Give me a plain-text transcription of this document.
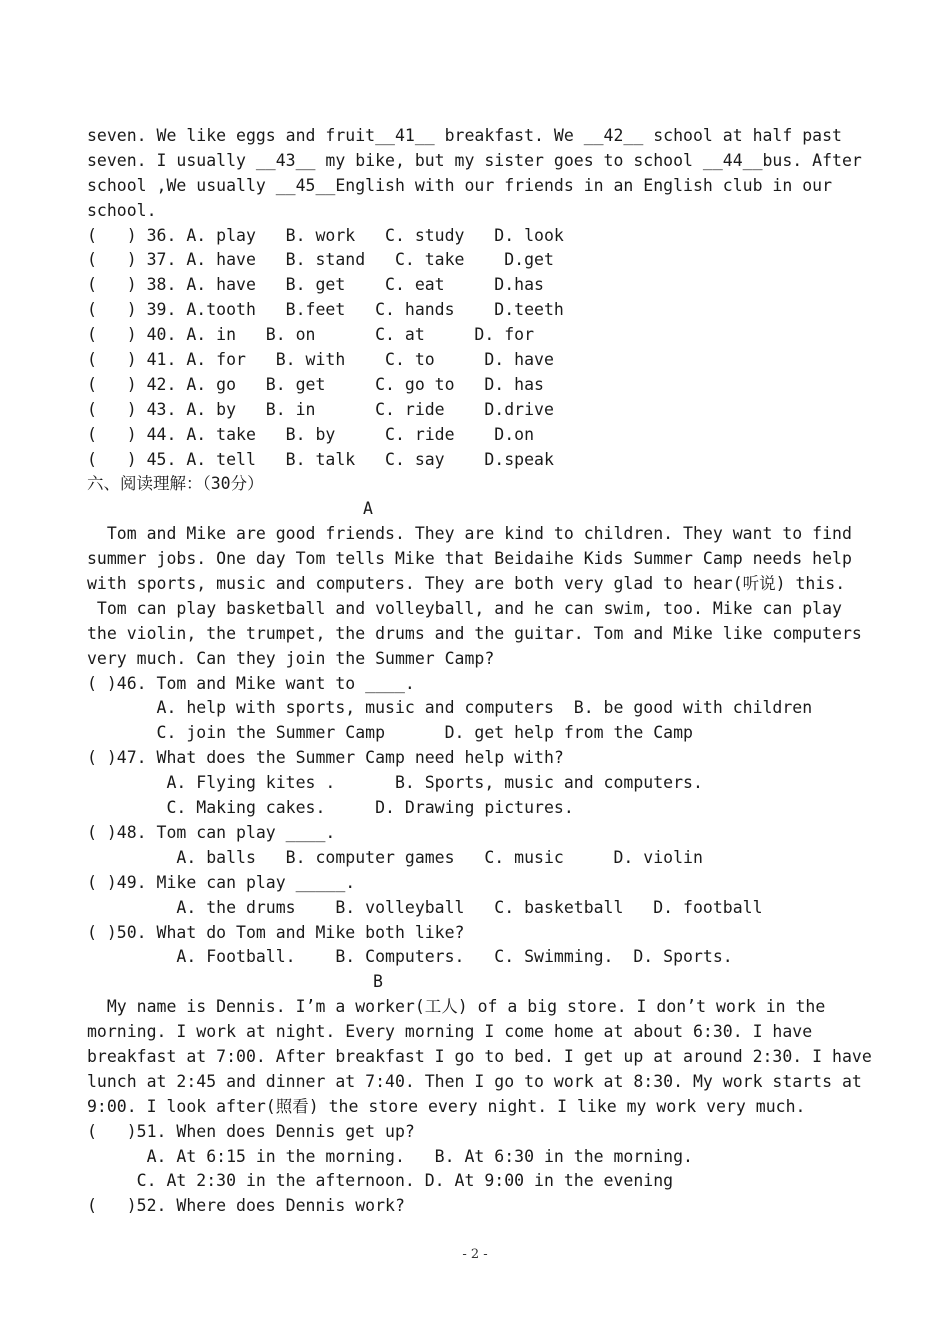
seven. We like eggs and fruit__41__ breakfast. We __42__ school at half past
seven. I usually __43__ my bike, but my sister goes to school __44__bus. After
school ,We usually __45__English with our friends in an English club in our
school.
(   ) 36. A. play   B. work   C. study   D. look
(   ) 37. A. have   B. stand   C. take    D.get
(   ) 38. A. have   B. get    C. eat     D.has
(   ) 39. A.tooth   B.feet   C. hands    D.teeth
(   ) 40. A. in   B. on      C. at     D. for
(   ) 41. A. for   B. with    C. to     D. have
(   ) 42. A. go   B. get     C. go to   D. has
(   ) 43. A. by   B. in      C. ride    D.drive
(   ) 44. A. take   B. by     C. ride    D.on
(   ) 45. A. tell   B. talk   C. say    D.speak
六、阅读理解：（30分）
A
Tom and Mike are good friends. They are kind to children. They want to find
summer jobs. One day Tom tells Mike that Beidaihe Kids Summer Camp needs help
with sports, music and computers. They are both very glad to hear(听说) this.
Tom can play basketball and volleyball, and he can swim, too. Mike can play
the violin, the trumpet, the drums and the guitar. Tom and Mike like computers
very much. Can they join the Summer Camp?
( )46. Tom and Mike want to ____.
A. help with sports, music and computers  B. be good with children
C. join the Summer Camp      D. get help from the Camp
( )47. What does the Summer Camp need help with?
A. Flying kites .      B. Sports, music and computers.
C. Making cakes.     D. Drawing pictures.
( )48. Tom can play ____.
A. balls   B. computer games   C. music     D. violin
( )49. Mike can play _____.
A. the drums    B. volleyball   C. basketball   D. football
( )50. What do Tom and Mike both like?
A. Football.    B. Computers.   C. Swimming.  D. Sports.
B
My name is Dennis. I’m a worker(工人) of a big store. I don’t work in the
morning. I work at night. Every morning I come home at about 6:30. I have
breakfast at 7:00. After breakfast I go to bed. I get up at around 2:30. I have
lunch at 2:45 and dinner at 7:40. Then I go to work at 8:30. My work starts at
9:00. I look after(照看) the store every night. I like my work very much.
(   )51. When does Dennis get up?
A. At 6:15 in the morning.   B. At 6:30 in the morning.
C. At 2:30 in the afternoon. D. At 9:00 in the evening
(   )52. Where does Dennis work?
- 2 -
